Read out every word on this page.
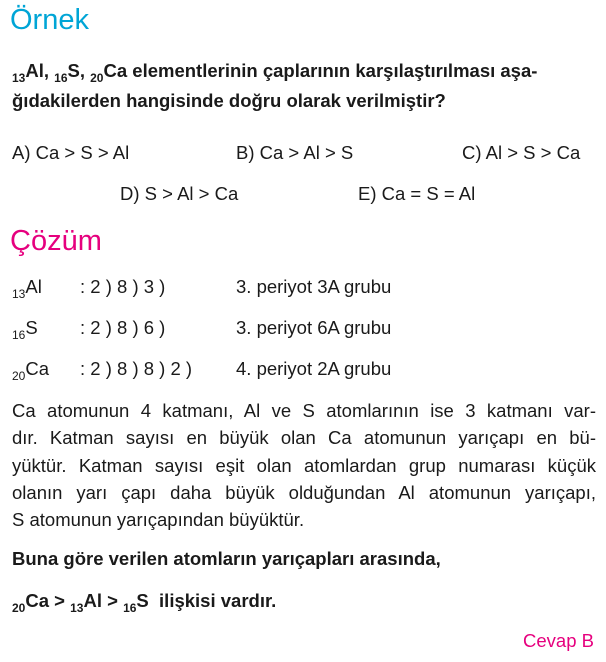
Örnek
$_{13}$Al, $_{16}$S, $_{20}$Ca elementlerinin çaplarının karşılaştırılması aşa-
ğıdakilerden hangisinde doğru olarak verilmiştir?
A) Ca > S > Al	B) Ca > Al > S	C) Al > S > Ca
D) S > Al > Ca	E) Ca = S = Al
Çözüm
$_{13}$Al : 2 ) 8 ) 3 )	3. periyot 3A grubu
$_{16}$S : 2 ) 8 ) 6 )	3. periyot 6A grubu
$_{20}$Ca : 2 ) 8 ) 8 ) 2 ) 4. periyot 2A grubu
Ca atomunun 4 katmanı, Al ve S atomlarının ise 3 katmanı var-
dır. Katman sayısı en büyük olan Ca atomunun yarıçapı en bü-
yüktür. Katman sayısı eşit olan atomlardan grup numarası küçük
olanın yarı çapı daha büyük olduğundan Al atomunun yarıçapı,
S atomunun yarıçapından büyüktür.
Buna göre verilen atomların yarıçapları arasında,
$_{20}$Ca > $_{13}$Al > $_{16}$S  ilişkisi vardır.
Cevap B
